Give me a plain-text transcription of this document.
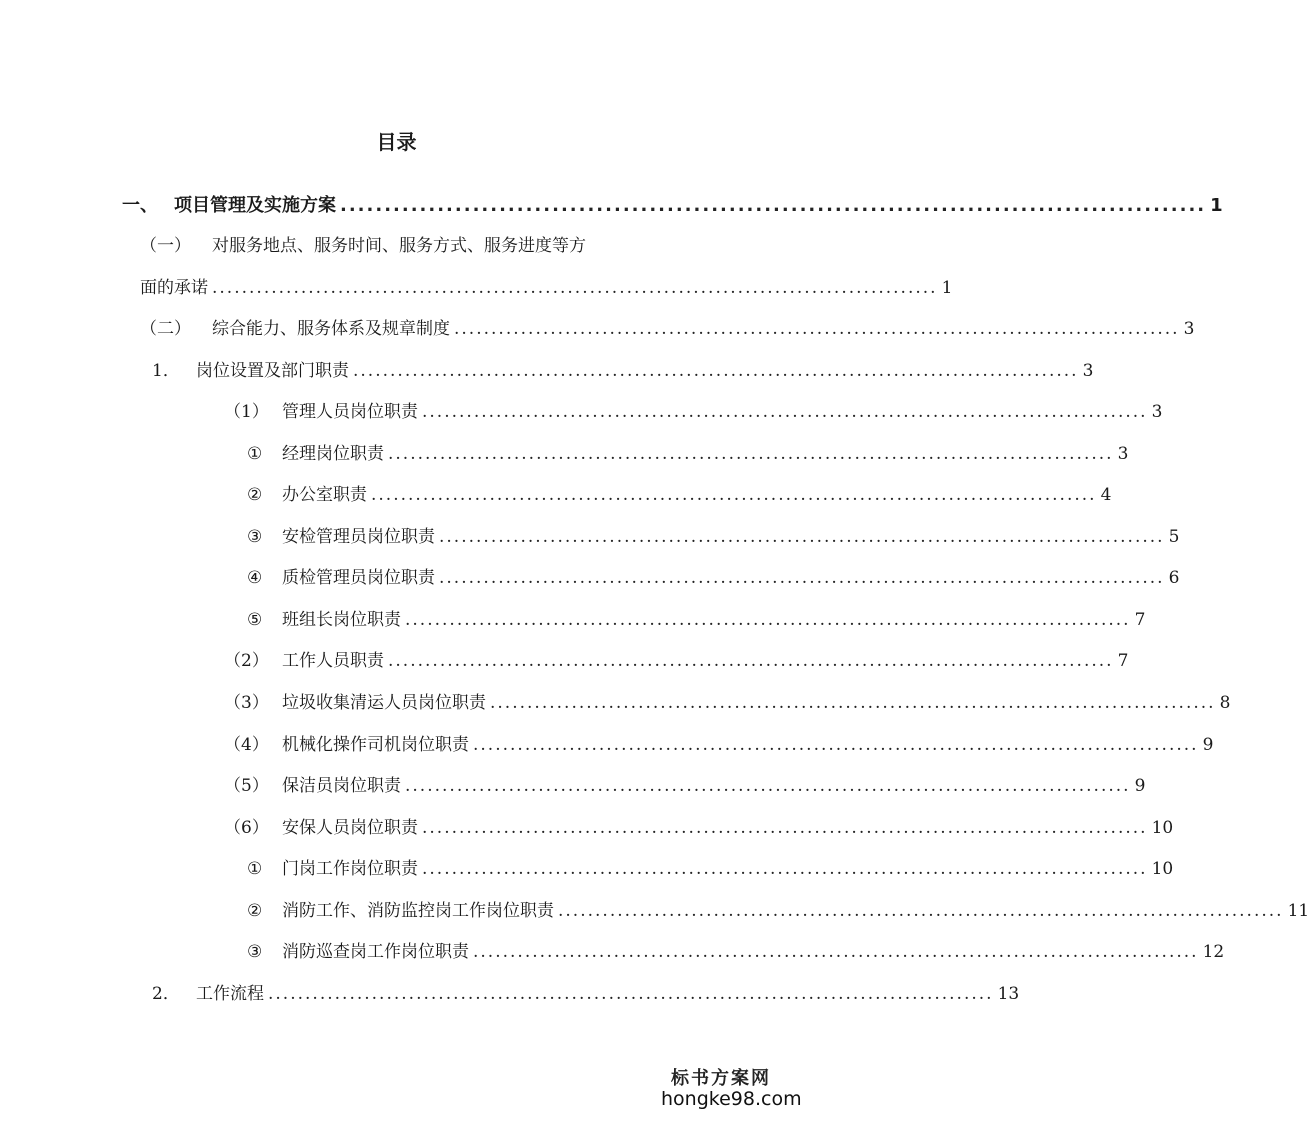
目录
一、 项目管理及实施方案 .................................................................................................. 1
（一） 对服务地点、服务时间、服务方式、服务进度等方
面的承诺 .................................................................................................. 1
（二） 综合能力、服务体系及规章制度 .................................................................................................. 3
1． 岗位设置及部门职责 .................................................................................................. 3
（1） 管理人员岗位职责 .................................................................................................. 3
① 经理岗位职责 .................................................................................................. 3
② 办公室职责 .................................................................................................. 4
③ 安检管理员岗位职责 .................................................................................................. 5
④ 质检管理员岗位职责 .................................................................................................. 6
⑤ 班组长岗位职责 .................................................................................................. 7
（2） 工作人员职责 .................................................................................................. 7
（3） 垃圾收集清运人员岗位职责 .................................................................................................. 8
（4） 机械化操作司机岗位职责 .................................................................................................. 9
（5） 保洁员岗位职责 .................................................................................................. 9
（6） 安保人员岗位职责 .................................................................................................. 10
① 门岗工作岗位职责 .................................................................................................. 10
② 消防工作、消防监控岗工作岗位职责 .................................................................................................. 11
③ 消防巡查岗工作岗位职责 .................................................................................................. 12
2． 工作流程 .................................................................................................. 13
标书方案网
hongke98.com
